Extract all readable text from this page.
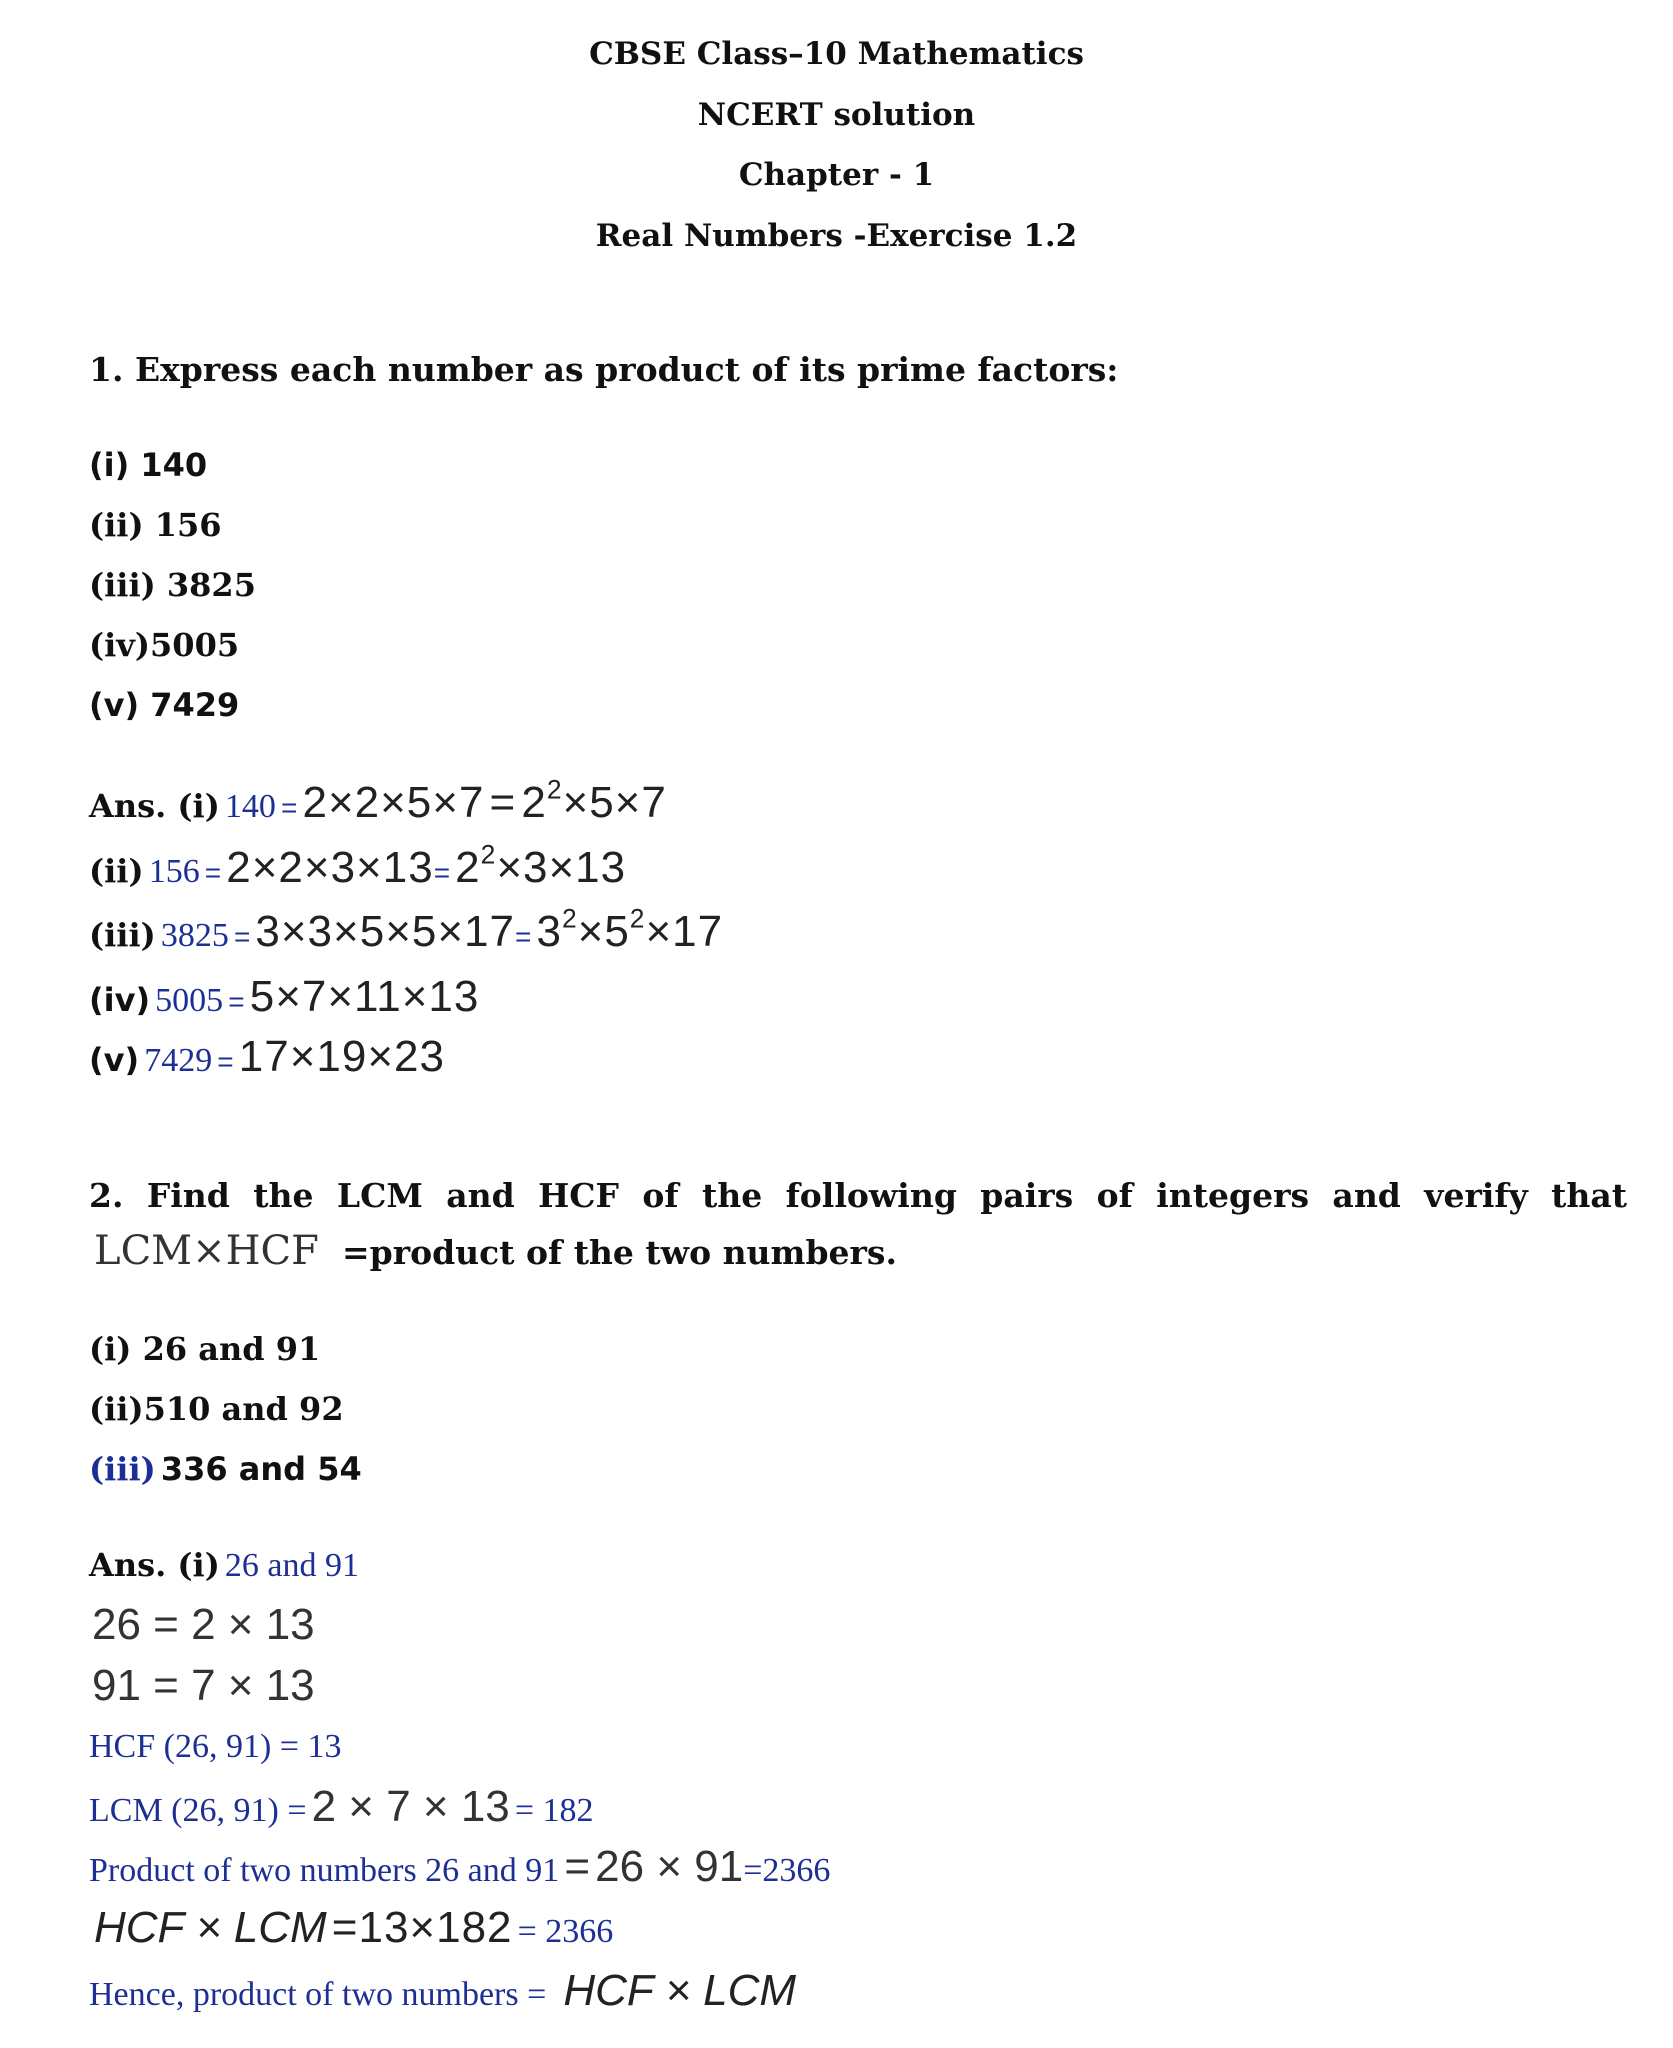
CBSE Class–10 Mathematics
NCERT solution
Chapter - 1
Real Numbers -Exercise 1.2
1. Express each number as product of its prime factors:
(i) 140
(ii) 156
(iii) 3825
(iv)5005
(v) 7429
Ans. (i) $140 = 2\times 2\times 5\times 7 = 2^2\times 5\times 7$
(ii) $156 = 2\times 2\times 3\times 13= 2^2\times 3\times 13$
(iii) $3825 = 3\times 3\times 5\times 5\times 17= 3^2\times 5^2\times 17$
(iv) 5005 = 5×7×11×13
(v) 7429 = 17×19×23
2. Find the LCM and HCF of the following pairs of integers and verify that
LCM×HCF =product of the two numbers.
(i) 26 and 91
(ii)510 and 92
(iii) 336 and 54
Ans. (i) 26 and 91
26 = 2 × 13
91 = 7 × 13
HCF (26, 91) = 13
LCM (26, 91) = 2 × 7 × 13 = 182
Product of two numbers 26 and 91 = 26 × 91=2366
HCF × LCM =13×182 = 2366
Hence, product of two numbers = HCF × LCM
